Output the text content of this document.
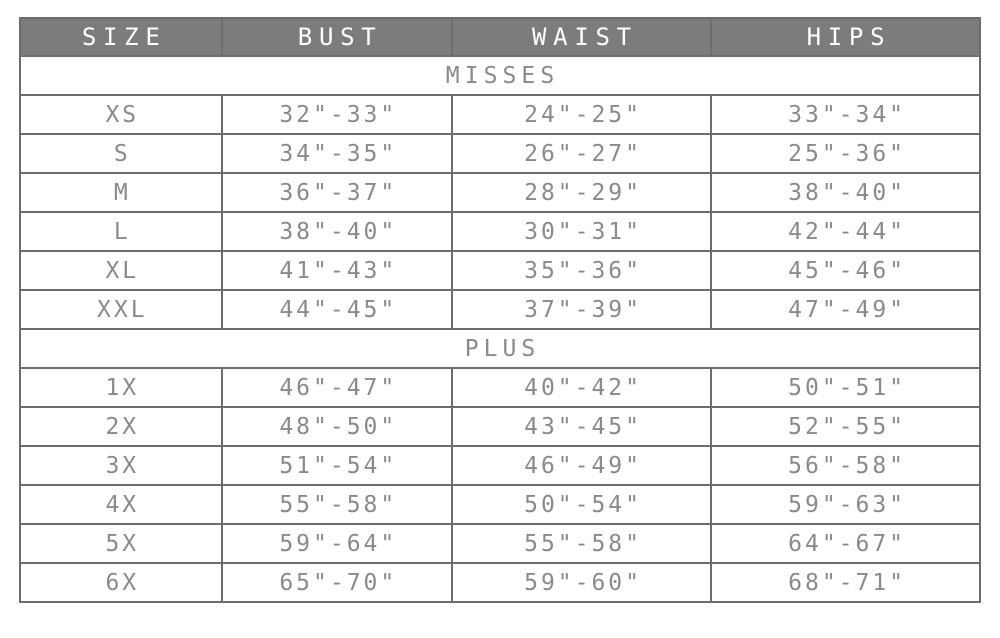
SIZE	BUST	WAIST	HIPS
MISSES			
XS	32"-33"	24"-25"	33"-34"
S	34"-35"	26"-27"	25"-36"
M	36"-37"	28"-29"	38"-40"
L	38"-40"	30"-31"	42"-44"
XL	41"-43"	35"-36"	45"-46"
XXL	44"-45"	37"-39"	47"-49"
PLUS			
1X	46"-47"	40"-42"	50"-51"
2X	48"-50"	43"-45"	52"-55"
3X	51"-54"	46"-49"	56"-58"
4X	55"-58"	50"-54"	59"-63"
5X	59"-64"	55"-58"	64"-67"
6X	65"-70"	59"-60"	68"-71"
